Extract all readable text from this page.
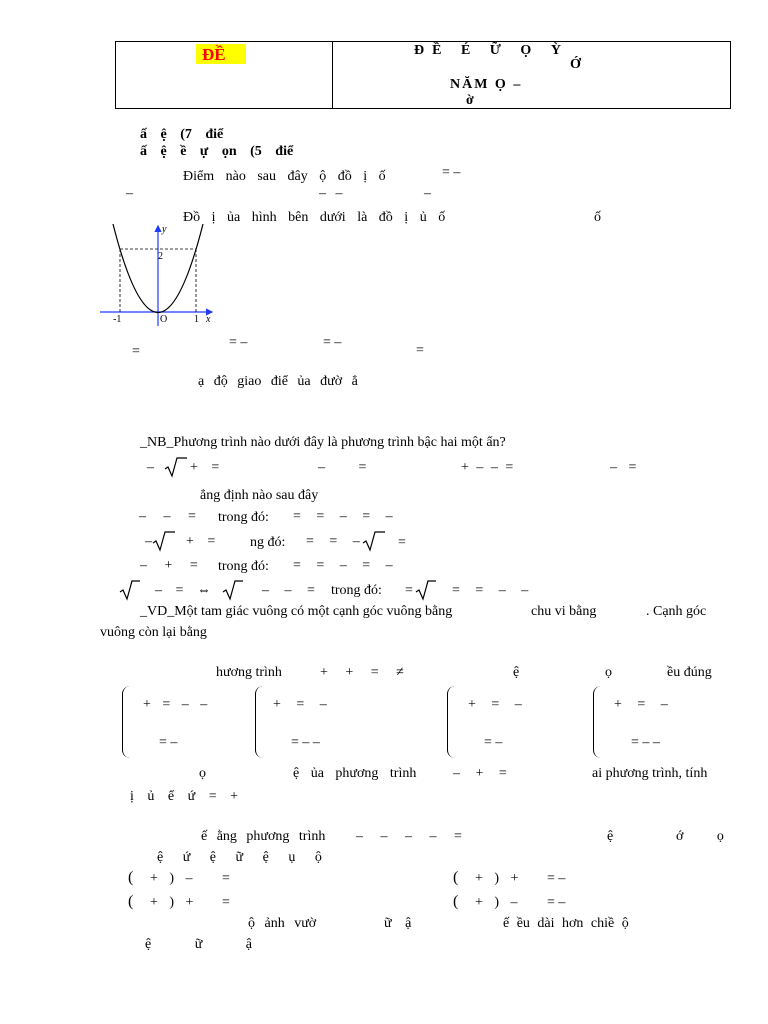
ĐỀ	ĐỀ É Ữ Ọ Ỳ
Ớ
NĂM Ọ –
ờ
ấ ệ (7 điể
ấ ệ ề ự ọn (5 điể
Điểm nào sau đây ộ đồ ị ố	= –
–	– –	–
Đồ ị ủa hình bên dưới là đồ ị ủ ố	ố
y
x
2
-1	O	1
=
= –	= –
=
ạ độ giao điể ủa đườ ẳ
_NB_Phương trình nào dưới đây là phương trình bậc hai một ẩn?
–	+ =	– =	+ – – =	– =
ẳng định nào sau đây
– – = trong đó: = = – = –
– + = ng đó: = = –	=
– + = trong đó: = = – = –
– = ⇔	– – = trong đó: =	= = – –
_VD_Một tam giác vuông có một cạnh góc vuông bằng	chu vi bằng	. Cạnh góc
vuông còn lại bằng
hương trình	+ + = ≠	ệ	ọ	ều đúng
+ = – –
= –
+ = –
= – –
+ = –
= –
+ = –
= – –
ọ	ệ ủa phương trình	– + =	ai phương trình, tính
ị ủ ể ứ = +
ế ằng phương trình – – – – =	ệ	ớ ọ
ệ ứ ệ ữ ệ ụ ộ
( + ) – =	( + ) + = –
( + ) + =	( + ) – = –
ộ ảnh vườ	ữ ậ	ế ều dài hơn chiề ộ
ệ ữ ậ
